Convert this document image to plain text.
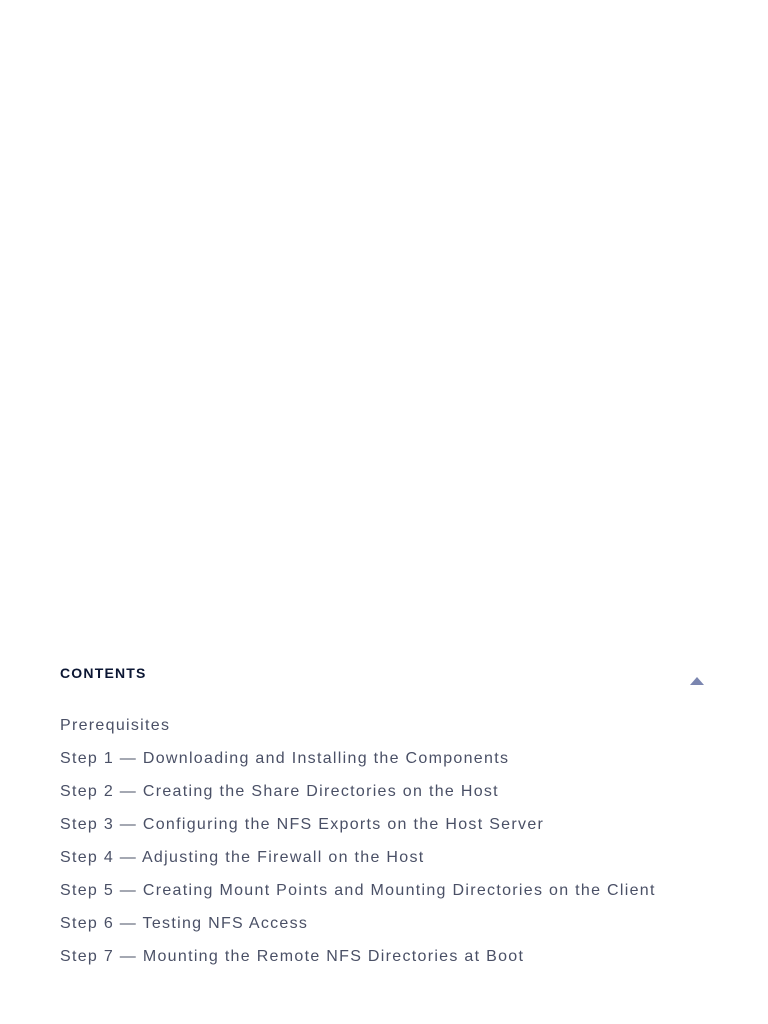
CONTENTS
Prerequisites
Step 1 — Downloading and Installing the Components
Step 2 — Creating the Share Directories on the Host
Step 3 — Configuring the NFS Exports on the Host Server
Step 4 — Adjusting the Firewall on the Host
Step 5 — Creating Mount Points and Mounting Directories on the Client
Step 6 — Testing NFS Access
Step 7 — Mounting the Remote NFS Directories at Boot
